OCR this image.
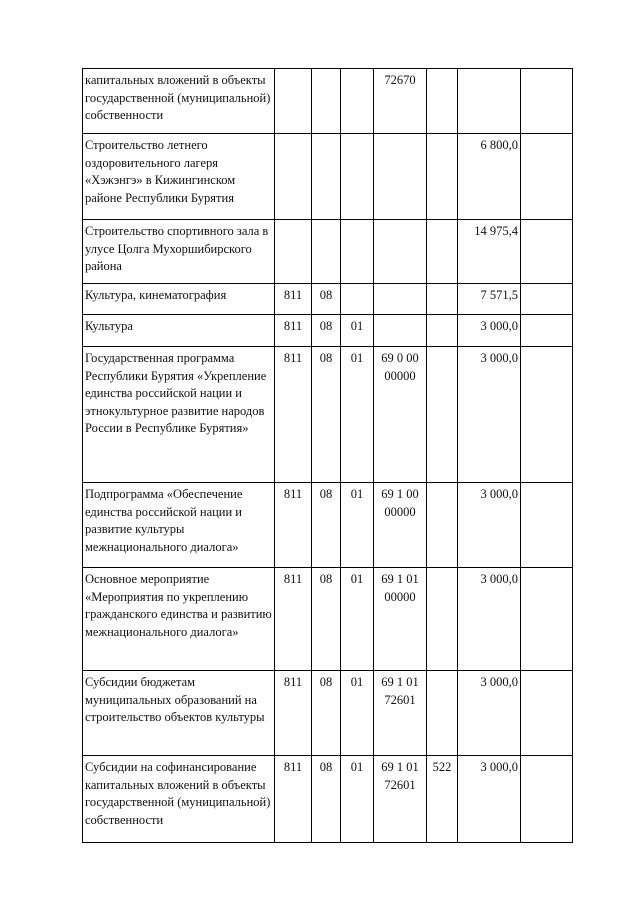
капитальных вложений в объекты государственной (муниципальной) собственности				72670			
Строительство летнего оздоровительного лагеря «Хэжэнгэ» в Кижингинском районе Республики Бурятия						6 800,0	
Строительство спортивного зала в улусе Цолга Мухоршибирского района						14 975,4	
Культура, кинематография	811	08				7 571,5	
Культура	811	08	01			3 000,0	
Государственная программа Республики Бурятия «Укрепление единства российской нации и этнокультурное развитие народов России в Республике Бурятия»	811	08	01	69 0 00 00000		3 000,0	
Подпрограмма «Обеспечение единства российской нации и развитие культуры межнационального диалога»	811	08	01	69 1 00 00000		3 000,0	
Основное мероприятие «Мероприятия по укреплению гражданского единства и развитию межнационального диалога»	811	08	01	69 1 01 00000		3 000,0	
Субсидии бюджетам муниципальных образований на строительство объектов культуры	811	08	01	69 1 01 72601		3 000,0	
Субсидии на софинансирование капитальных вложений в объекты государственной (муниципальной) собственности	811	08	01	69 1 01 72601	522	3 000,0	
